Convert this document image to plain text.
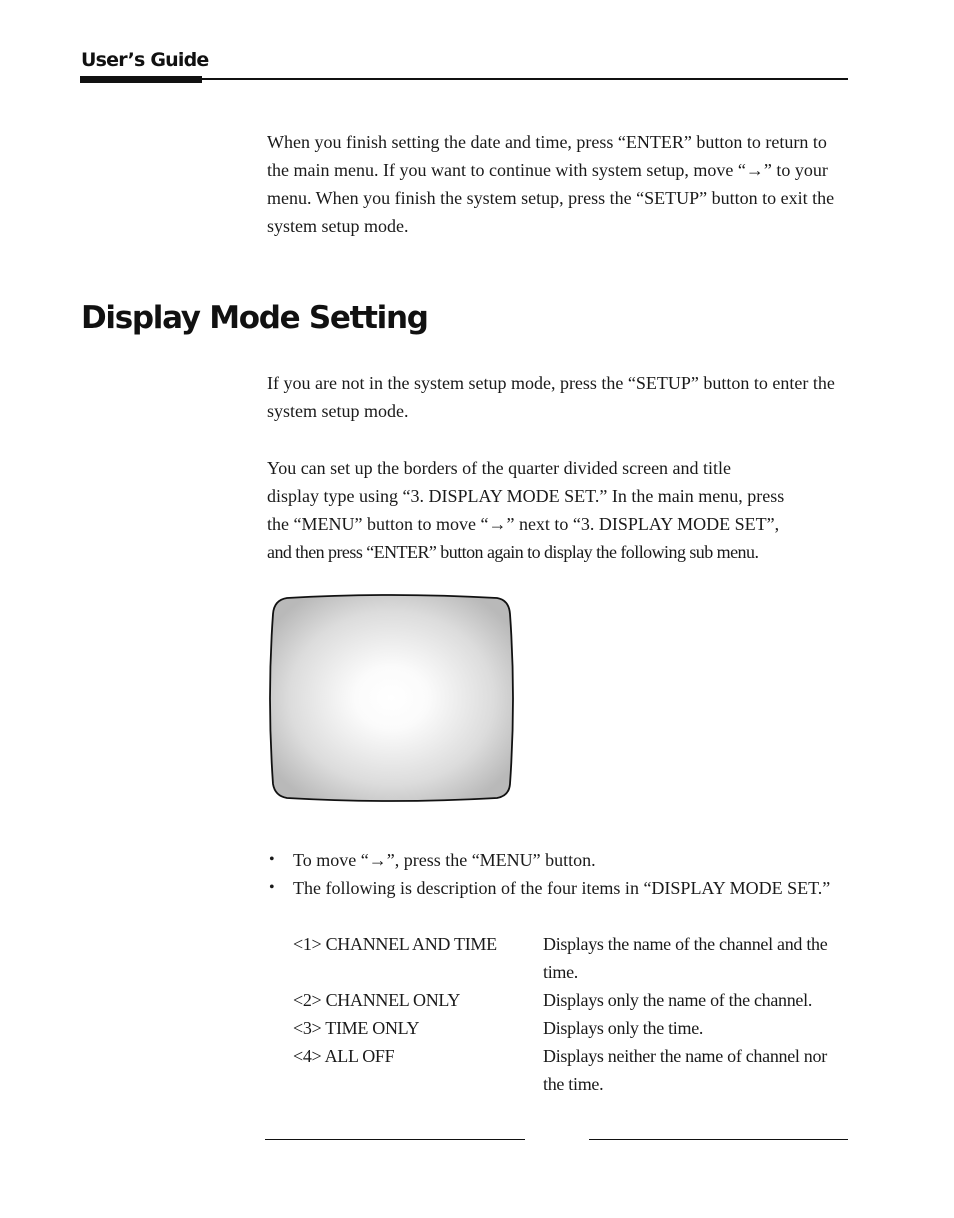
User’s Guide

When you finish setting the date and time, press “ENTER” button to return to the main menu. If you want to continue with system setup, move “→” to your menu. When you finish the system setup, press the “SETUP” button to exit the system setup mode.

Display Mode Setting

If you are not in the system setup mode, press the “SETUP” button to enter the system setup mode.

You can set up the borders of the quarter divided screen and title
display type using “3. DISPLAY MODE SET.” In the main menu, press
the “MENU” button to move “→” next to “3. DISPLAY MODE SET”,
and then press “ENTER” button again to display the following sub menu.
• To move “→”, press the “MENU” button.
• The following is description of the four items in “DISPLAY MODE SET.”
<1> CHANNEL AND TIME	Displays the name of the channel and the time.
<2> CHANNEL ONLY	Displays only the name of the channel.
<3> TIME ONLY	Displays only the time.
<4> ALL OFF	Displays neither the name of channel nor the time.
